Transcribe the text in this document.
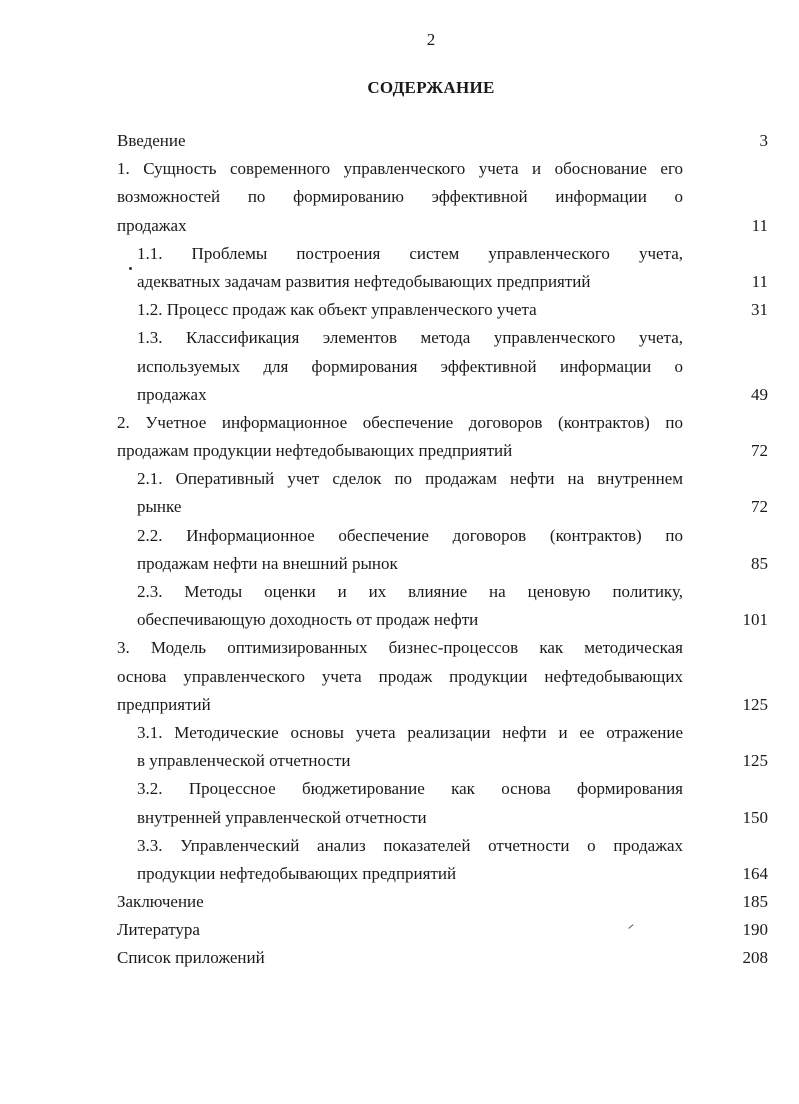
2
СОДЕРЖАНИЕ
Введение	3
1. Сущность современного управленческого учета и обоснование его
возможностей по формированию эффективной информации о
продажах	11
1.1. Проблемы построения систем управленческого учета,
адекватных задачам развития нефтедобывающих предприятий	11
1.2. Процесс продаж как объект управленческого учета	31
1.3. Классификация элементов метода управленческого учета,
используемых для формирования эффективной информации о
продажах	49
2. Учетное информационное обеспечение договоров (контрактов) по
продажам продукции нефтедобывающих предприятий	72
2.1. Оперативный учет сделок по продажам нефти на внутреннем
рынке	72
2.2. Информационное обеспечение договоров (контрактов) по
продажам нефти на внешний рынок	85
2.3. Методы оценки и их влияние на ценовую политику,
обеспечивающую доходность от продаж нефти	101
3. Модель оптимизированных бизнес-процессов как методическая
основа управленческого учета продаж продукции нефтедобывающих
предприятий	125
3.1. Методические основы учета реализации нефти и ее отражение
в управленческой отчетности	125
3.2. Процессное бюджетирование как основа формирования
внутренней управленческой отчетности	150
3.3. Управленческий анализ показателей отчетности о продажах
продукции нефтедобывающих предприятий	164
Заключение	185
Литература	190
Список приложений	208
